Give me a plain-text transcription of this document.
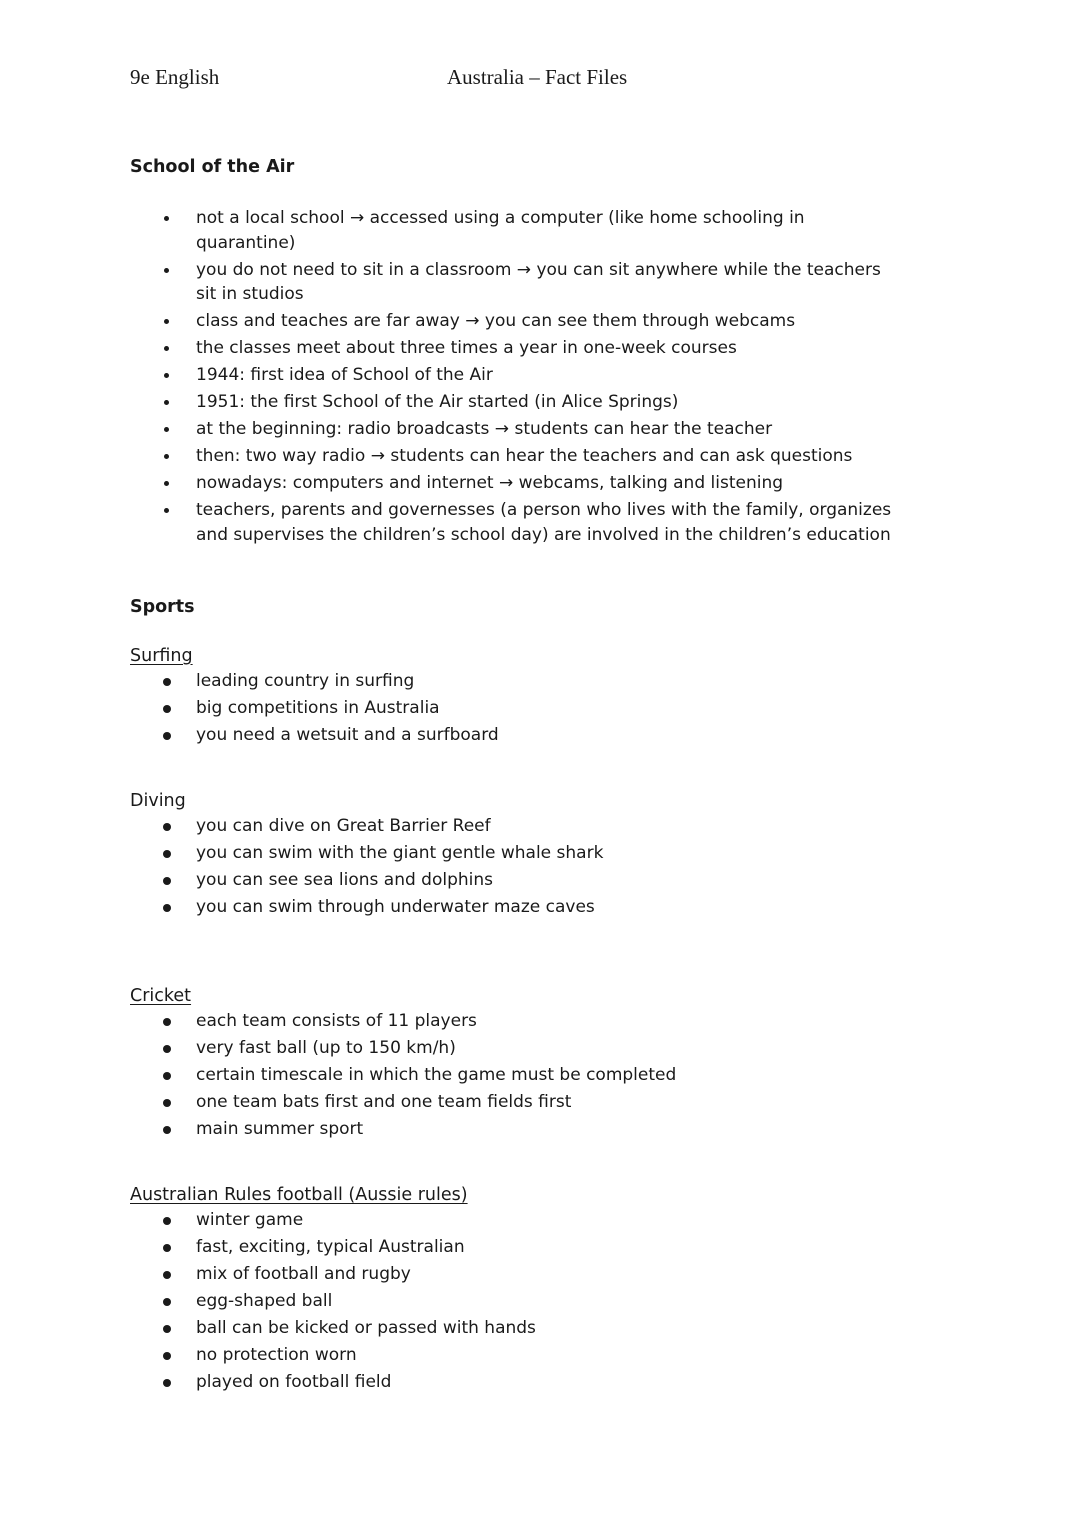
9e English	Australia – Fact Files
School of the Air
not a local school → accessed using a computer (like home schooling in quarantine)
you do not need to sit in a classroom → you can sit anywhere while the teachers sit in studios
class and teaches are far away → you can see them through webcams
the classes meet about three times a year in one-week courses
1944: first idea of School of the Air
1951: the first School of the Air started (in Alice Springs)
at the beginning: radio broadcasts → students can hear the teacher
then: two way radio → students can hear the teachers and can ask questions
nowadays: computers and internet → webcams, talking and listening
teachers, parents and governesses (a person who lives with the family, organizes and supervises the children’s school day) are involved in the children’s education
Sports
Surfing
leading country in surfing
big competitions in Australia
you need a wetsuit and a surfboard
Diving
you can dive on Great Barrier Reef
you can swim with the giant gentle whale shark
you can see sea lions and dolphins
you can swim through underwater maze caves
Cricket
each team consists of 11 players
very fast ball (up to 150 km/h)
certain timescale in which the game must be completed
one team bats first and one team fields first
main summer sport
Australian Rules football (Aussie rules)
winter game
fast, exciting, typical Australian
mix of football and rugby
egg-shaped ball
ball can be kicked or passed with hands
no protection worn
played on football field
